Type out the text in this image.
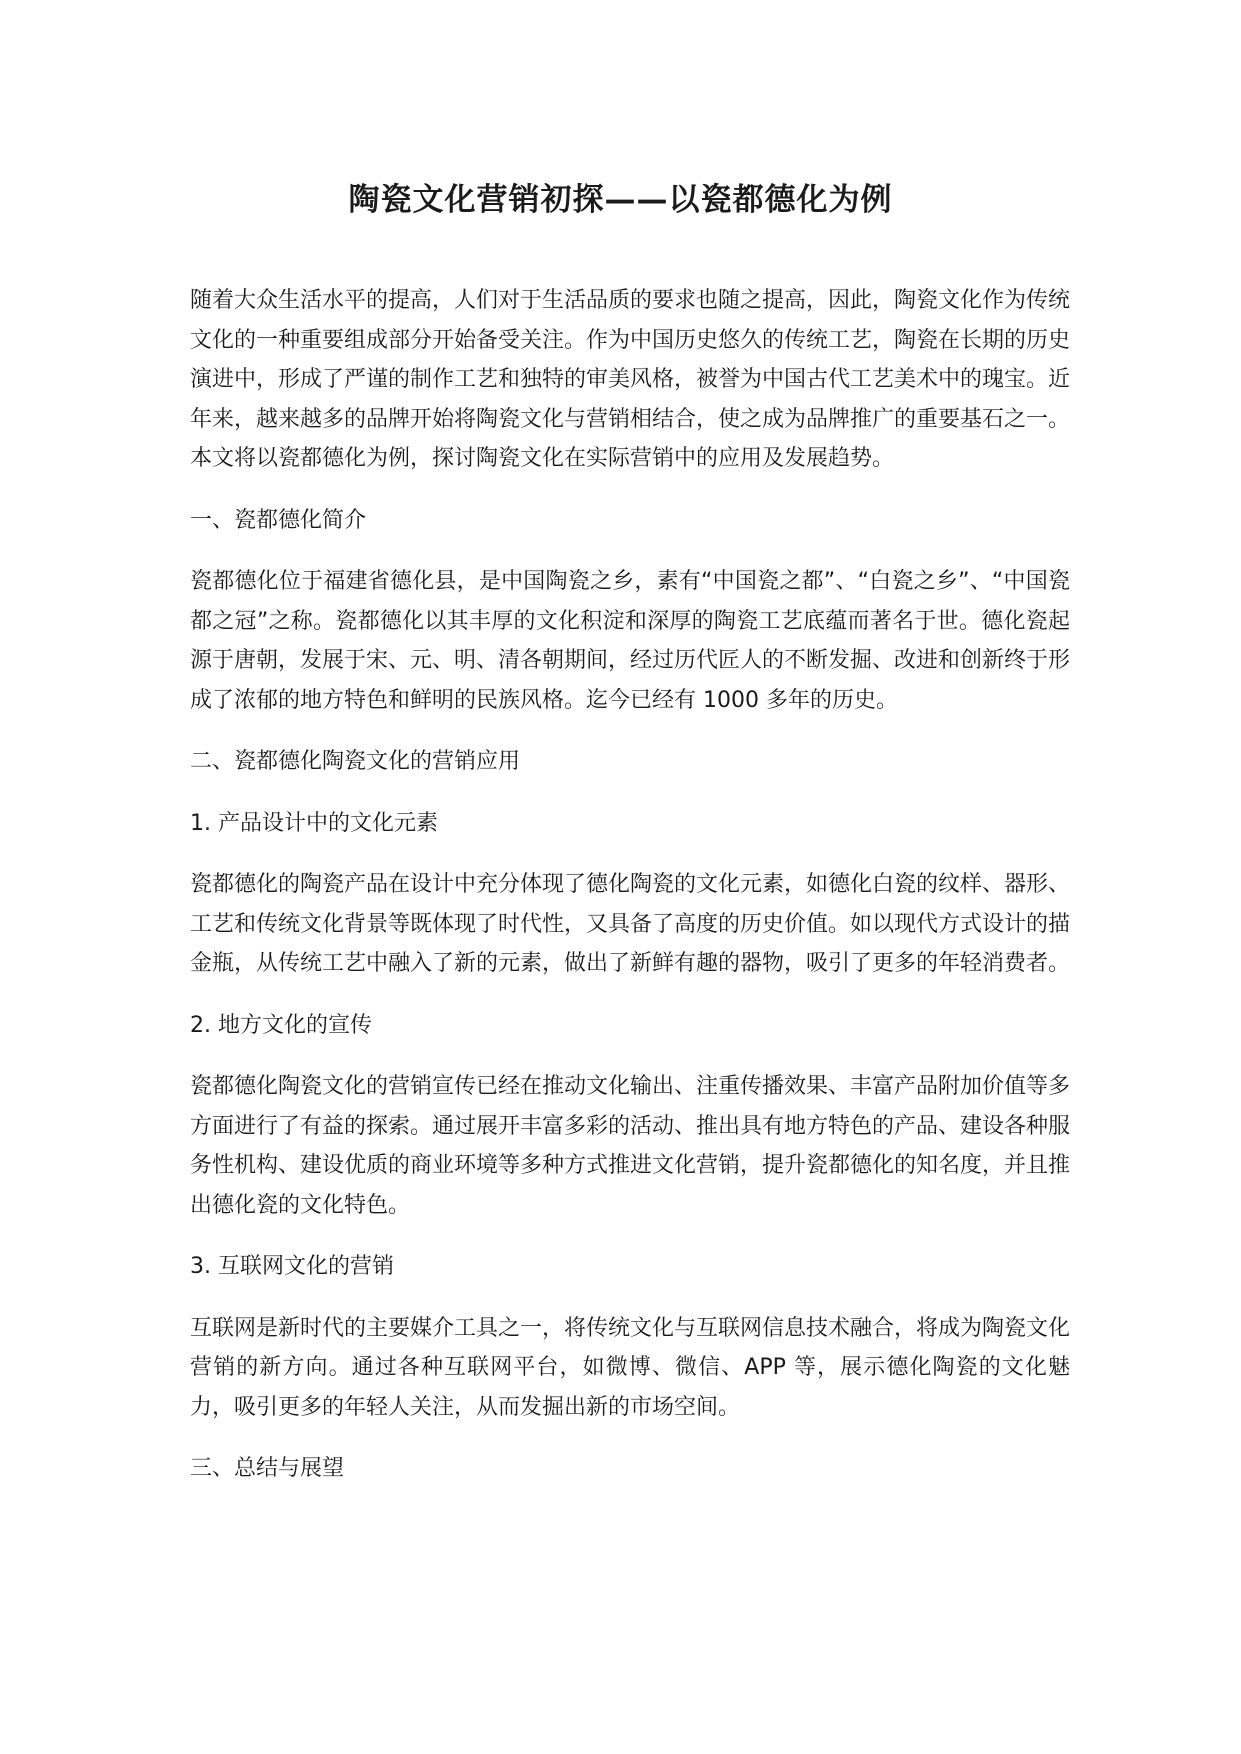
陶瓷文化营销初探——以瓷都德化为例

随着大众生活水平的提高，人们对于生活品质的要求也随之提高，因此，陶瓷文化作为传统文化的一种重要组成部分开始备受关注。作为中国历史悠久的传统工艺，陶瓷在长期的历史演进中，形成了严谨的制作工艺和独特的审美风格，被誉为中国古代工艺美术中的瑰宝。近年来，越来越多的品牌开始将陶瓷文化与营销相结合，使之成为品牌推广的重要基石之一。本文将以瓷都德化为例，探讨陶瓷文化在实际营销中的应用及发展趋势。

一、瓷都德化简介

瓷都德化位于福建省德化县，是中国陶瓷之乡，素有“中国瓷之都”、“白瓷之乡”、“中国瓷都之冠”之称。瓷都德化以其丰厚的文化积淀和深厚的陶瓷工艺底蕴而著名于世。德化瓷起源于唐朝，发展于宋、元、明、清各朝期间，经过历代匠人的不断发掘、改进和创新终于形成了浓郁的地方特色和鲜明的民族风格。迄今已经有 1000 多年的历史。

二、瓷都德化陶瓷文化的营销应用

1. 产品设计中的文化元素

瓷都德化的陶瓷产品在设计中充分体现了德化陶瓷的文化元素，如德化白瓷的纹样、器形、工艺和传统文化背景等既体现了时代性，又具备了高度的历史价值。如以现代方式设计的描金瓶，从传统工艺中融入了新的元素，做出了新鲜有趣的器物，吸引了更多的年轻消费者。

2. 地方文化的宣传

瓷都德化陶瓷文化的营销宣传已经在推动文化输出、注重传播效果、丰富产品附加价值等多方面进行了有益的探索。通过展开丰富多彩的活动、推出具有地方特色的产品、建设各种服务性机构、建设优质的商业环境等多种方式推进文化营销，提升瓷都德化的知名度，并且推出德化瓷的文化特色。

3. 互联网文化的营销

互联网是新时代的主要媒介工具之一，将传统文化与互联网信息技术融合，将成为陶瓷文化营销的新方向。通过各种互联网平台，如微博、微信、APP 等，展示德化陶瓷的文化魅力，吸引更多的年轻人关注，从而发掘出新的市场空间。

三、总结与展望
